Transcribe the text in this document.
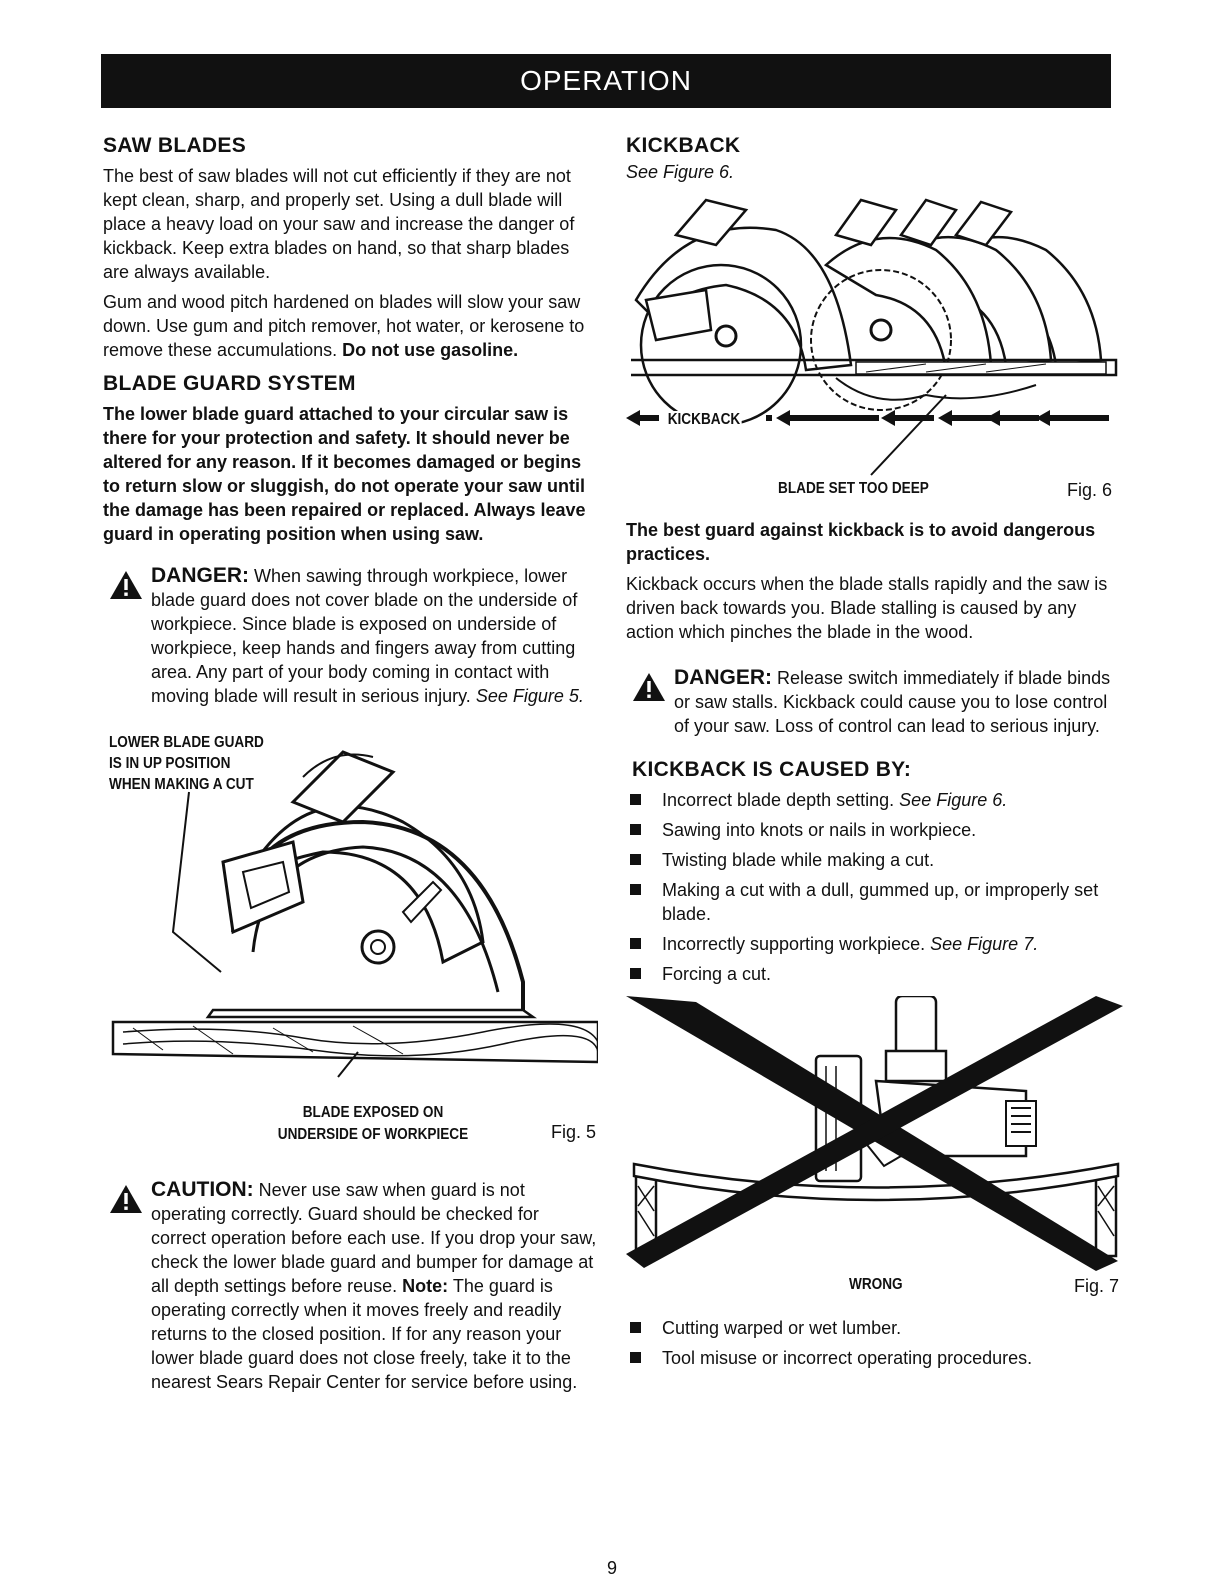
OPERATION
SAW BLADES

The best of saw blades will not cut efficiently if they are not kept clean, sharp, and properly set. Using a dull blade will place a heavy load on your saw and increase the danger of kickback. Keep extra blades on hand, so that sharp blades are always available.

Gum and wood pitch hardened on blades will slow your saw down. Use gum and pitch remover, hot water, or kerosene to remove these accumulations. Do not use gasoline.

BLADE GUARD SYSTEM

The lower blade guard attached to your circular saw is there for your protection and safety. It should never be altered for any reason. If it becomes damaged or begins to return slow or sluggish, do not operate your saw until the damage has been repaired or replaced. Always leave guard in operating position when using saw.

DANGER: When sawing through workpiece, lower blade guard does not cover blade on the underside of workpiece. Since blade is exposed on underside of workpiece, keep hands and fingers away from cutting area. Any part of your body coming in contact with moving blade will result in serious injury. See Figure 5.
LOWER BLADE GUARD
IS IN UP POSITION
WHEN MAKING A CUT
BLADE EXPOSED ON
UNDERSIDE OF WORKPIECE	Fig. 5
CAUTION: Never use saw when guard is not operating correctly. Guard should be checked for correct operation before each use. If you drop your saw, check the lower blade guard and bumper for damage at all depth settings before reuse. Note: The guard is operating correctly when it moves freely and readily returns to the closed position. If for any reason your lower blade guard does not close freely, take it to the nearest Sears Repair Center for service before using.
KICKBACK

See Figure 6.

KICKBACK
BLADE SET TOO DEEP	Fig. 6

The best guard against kickback is to avoid dangerous practices.

Kickback occurs when the blade stalls rapidly and the saw is driven back towards you. Blade stalling is caused by any action which pinches the blade in the wood.

DANGER: Release switch immediately if blade binds or saw stalls. Kickback could cause you to lose control of your saw. Loss of control can lead to serious injury.
KICKBACK IS CAUSED BY:
Incorrect blade depth setting. See Figure 6.
Sawing into knots or nails in workpiece.
Twisting blade while making a cut.
Making a cut with a dull, gummed up, or improperly set blade.
Incorrectly supporting workpiece. See Figure 7.
Forcing a cut.
WRONG	Fig. 7
Cutting warped or wet lumber.
Tool misuse or incorrect operating procedures.
9
